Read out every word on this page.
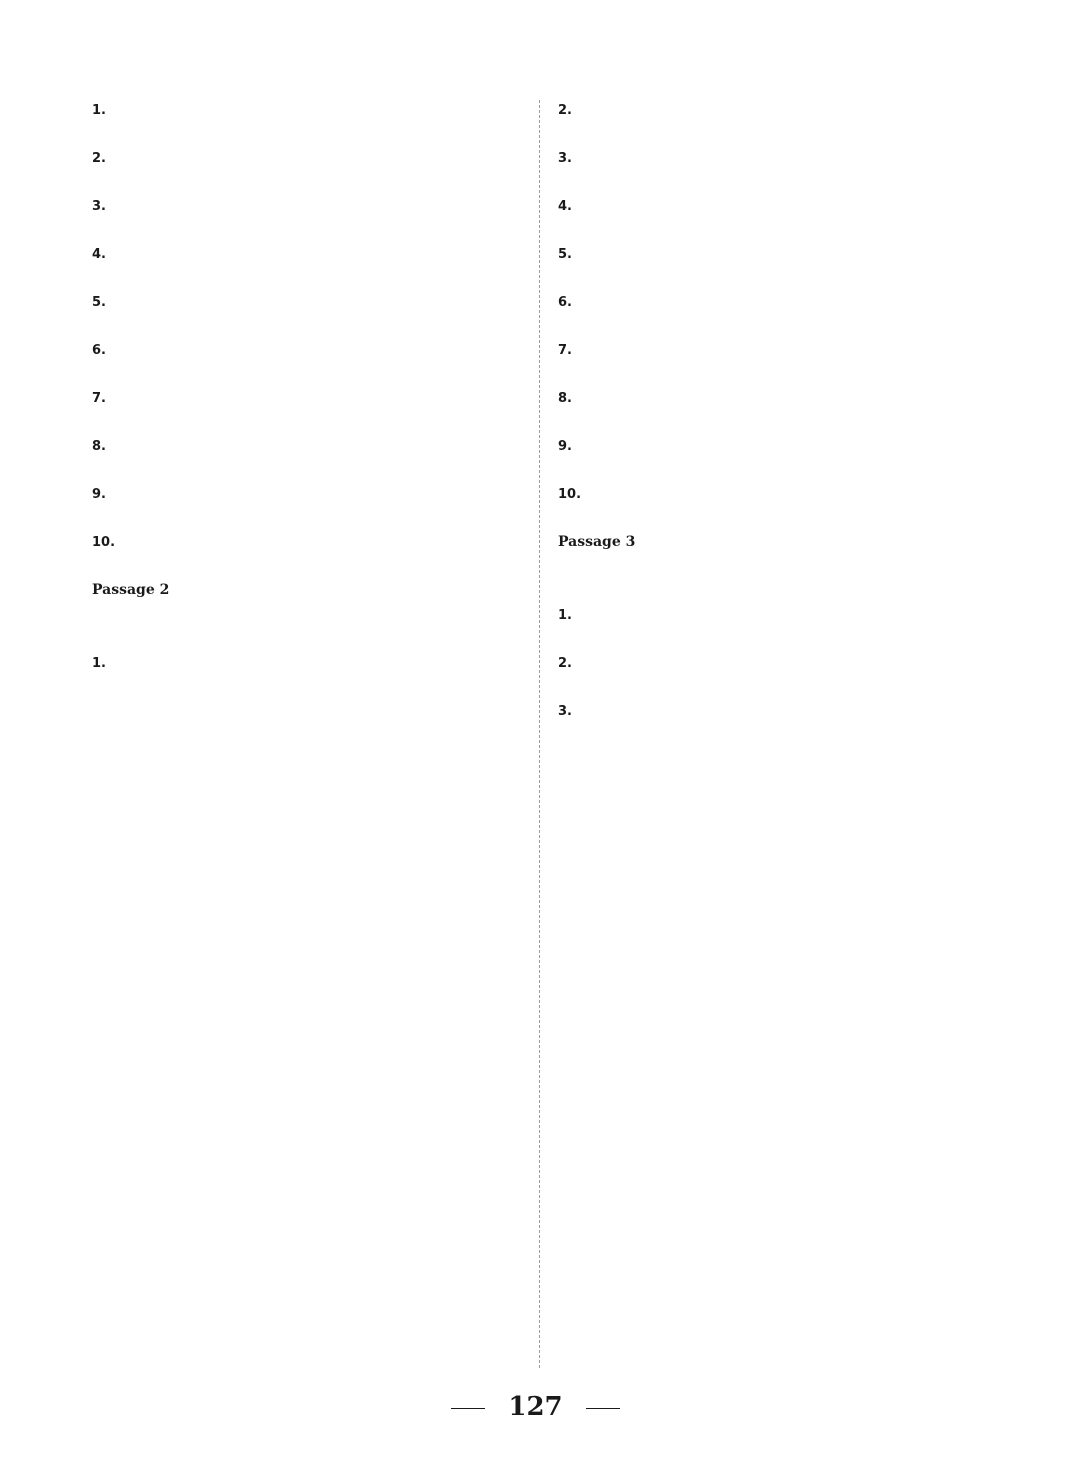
1.
2.
3.
4.
5.
6.
7.
8.
9.
10.
Passage 2
1.
2.
3.
4.
5.
6.
7.
8.
9.
10.
Passage 3
1.
2.
3.
127
